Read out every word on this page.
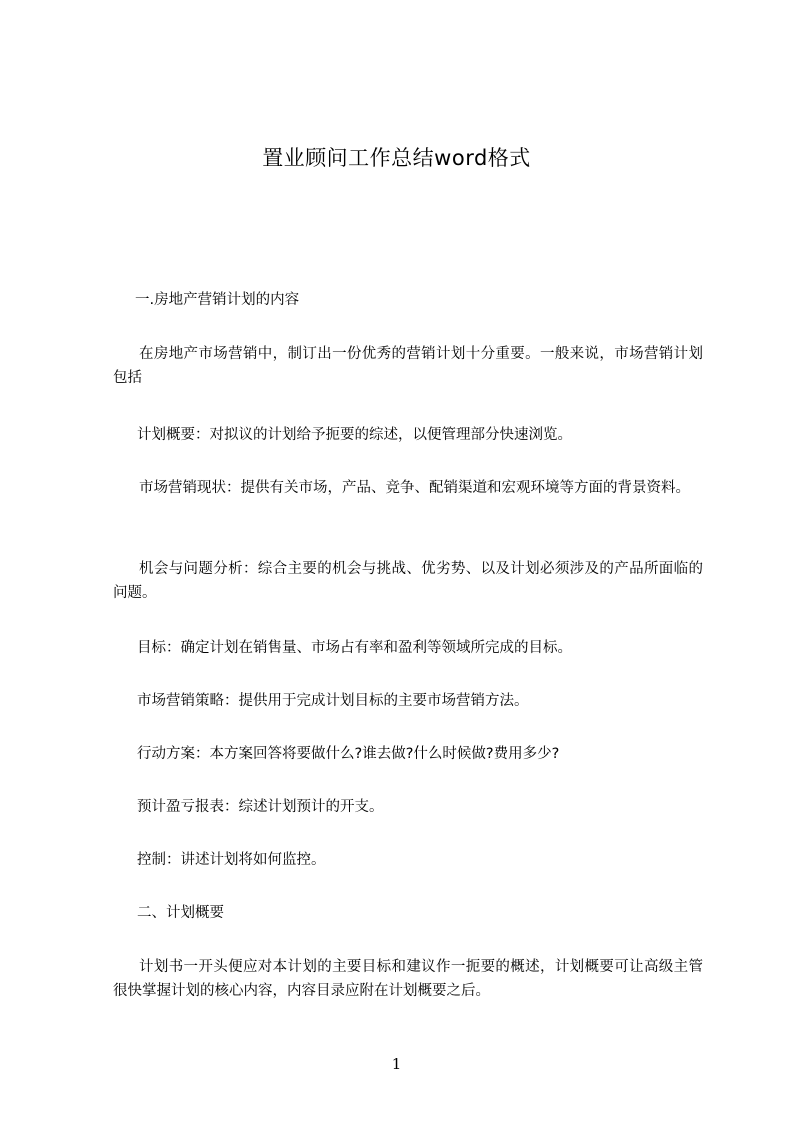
置业顾问工作总结word格式

一.房地产营销计划的内容

在房地产市场营销中，制订出一份优秀的营销计划十分重要。一般来说，市场营销计划包括

计划概要：对拟议的计划给予扼要的综述，以便管理部分快速浏览。

市场营销现状：提供有关市场，产品、竞争、配销渠道和宏观环境等方面的背景资料。

机会与问题分析：综合主要的机会与挑战、优劣势、以及计划必须涉及的产品所面临的问题。

目标：确定计划在销售量、市场占有率和盈利等领域所完成的目标。

市场营销策略：提供用于完成计划目标的主要市场营销方法。

行动方案：本方案回答将要做什么?谁去做?什么时候做?费用多少?

预计盈亏报表：综述计划预计的开支。

控制：讲述计划将如何监控。

二、计划概要

计划书一开头便应对本计划的主要目标和建议作一扼要的概述，计划概要可让高级主管很快掌握计划的核心内容，内容目录应附在计划概要之后。

1
